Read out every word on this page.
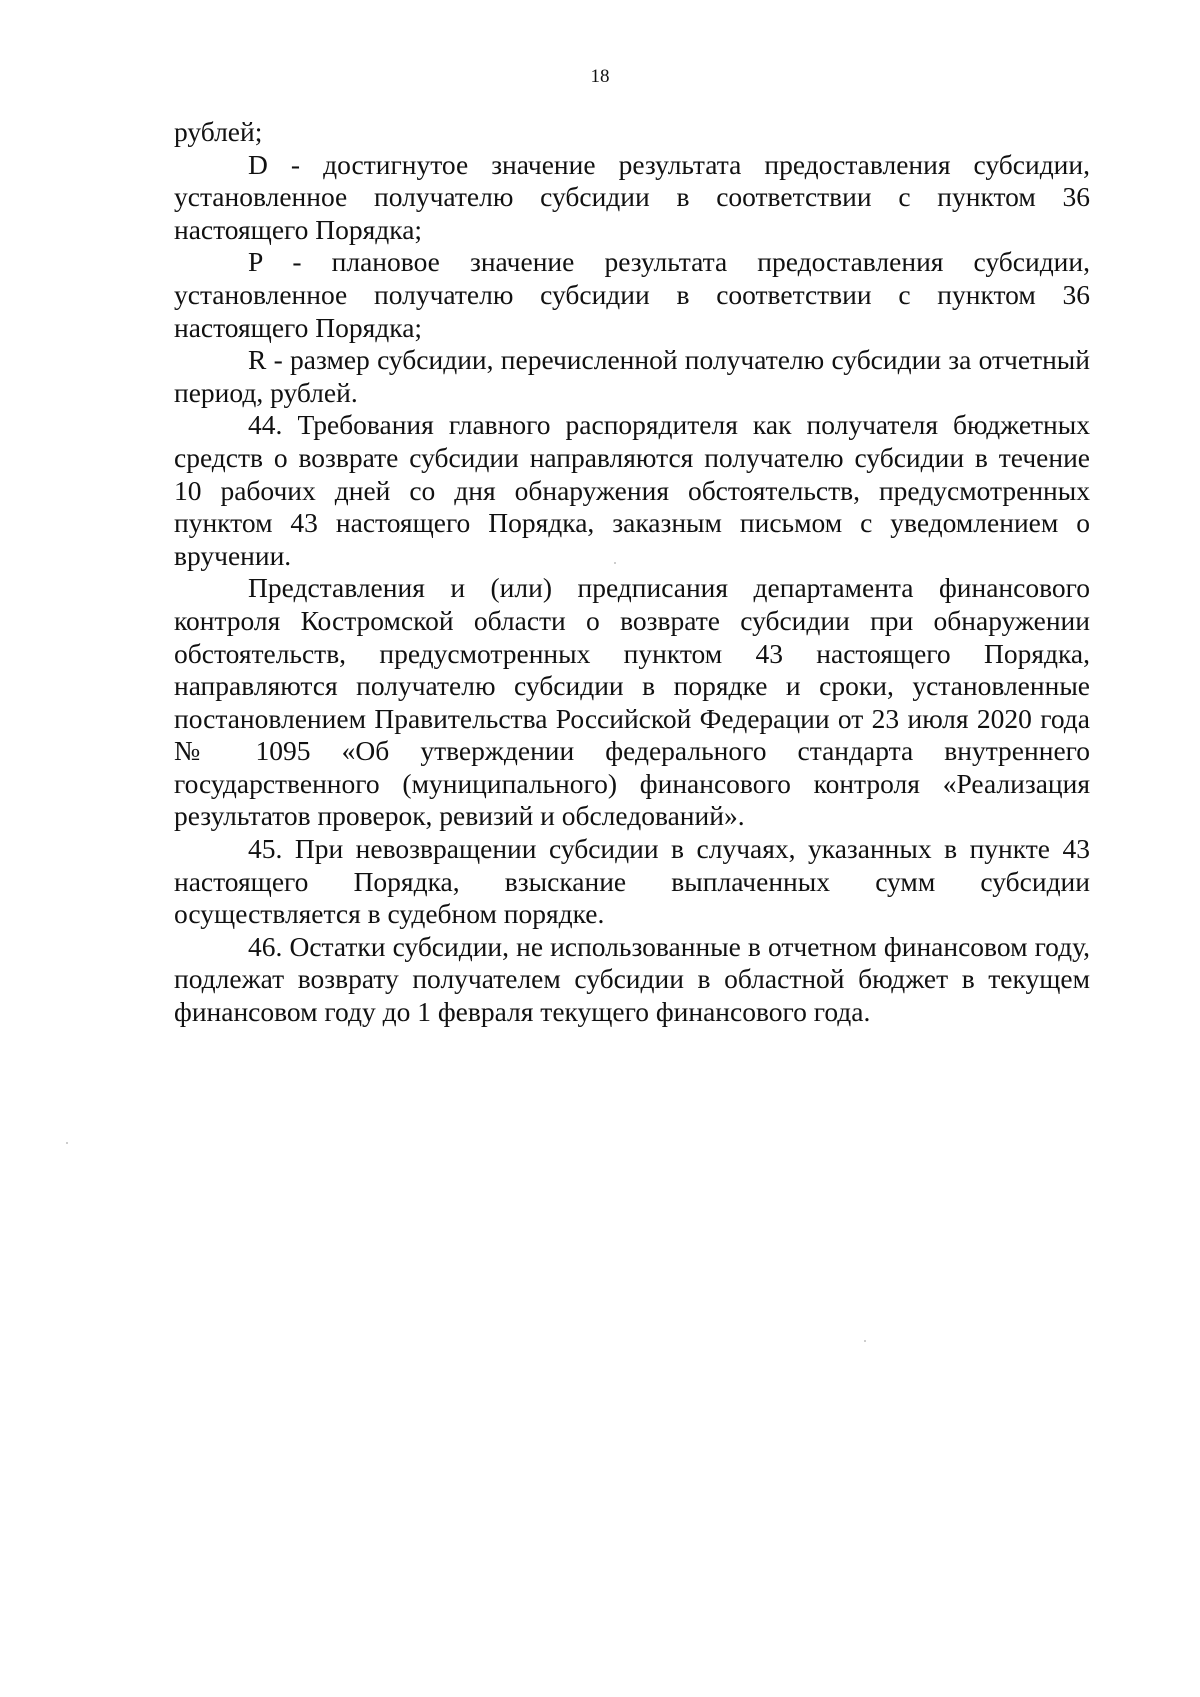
18

рублей;

D - достигнутое значение результата предоставления субсидии, установленное получателю субсидии в соответствии с пунктом 36 настоящего Порядка;

P - плановое значение результата предоставления субсидии, установленное получателю субсидии в соответствии с пунктом 36 настоящего Порядка;

R - размер субсидии, перечисленной получателю субсидии за отчетный период, рублей.

44. Требования главного распорядителя как получателя бюджетных средств о возврате субсидии направляются получателю субсидии в течение 10 рабочих дней со дня обнаружения обстоятельств, предусмотренных пунктом 43 настоящего Порядка, заказным письмом с уведомлением о вручении.

Представления и (или) предписания департамента финансового контроля Костромской области о возврате субсидии при обнаружении обстоятельств, предусмотренных пунктом 43 настоящего Порядка, направляются получателю субсидии в порядке и сроки, установленные постановлением Правительства Российской Федерации от 23 июля 2020 года № 1095 «Об утверждении федерального стандарта внутреннего государственного (муниципального) финансового контроля «Реализация результатов проверок, ревизий и обследований».

45. При невозвращении субсидии в случаях, указанных в пункте 43 настоящего Порядка, взыскание выплаченных сумм субсидии осуществляется в судебном порядке.

46. Остатки субсидии, не использованные в отчетном финансовом году, подлежат возврату получателем субсидии в областной бюджет в текущем финансовом году до 1 февраля текущего финансового года.
